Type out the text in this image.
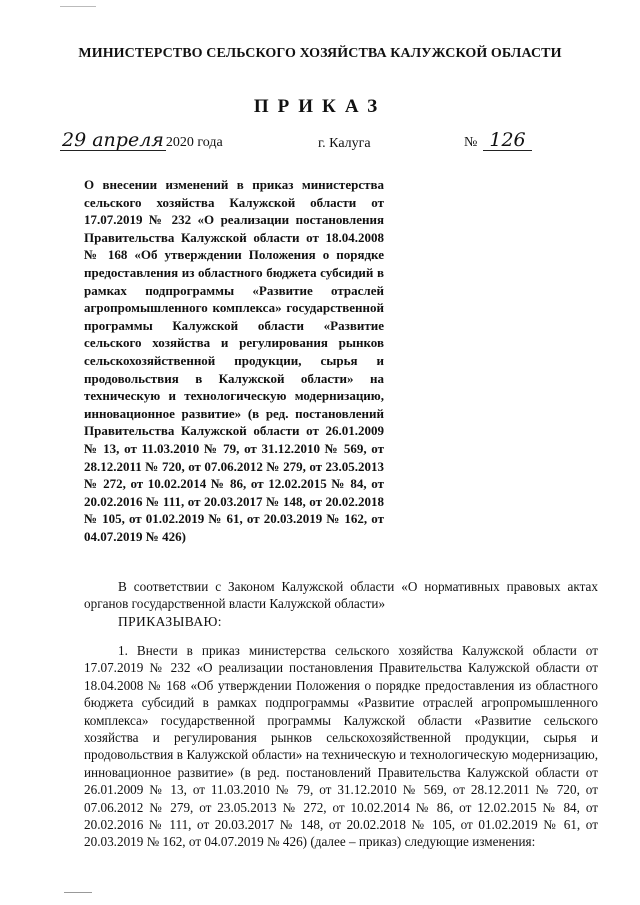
МИНИСТЕРСТВО СЕЛЬСКОГО ХОЗЯЙСТВА КАЛУЖСКОЙ ОБЛАСТИ
ПРИКАЗ
29 апреля 2020 года	г. Калуга	№ 126
О внесении изменений в приказ министерства сельского хозяйства Калужской области от 17.07.2019 № 232 «О реализации постановления Правительства Калужской области от 18.04.2008 № 168 «Об утверждении Положения о порядке предоставления из областного бюджета субсидий в рамках подпрограммы «Развитие отраслей агропромышленного комплекса» государственной программы Калужской области «Развитие сельского хозяйства и регулирования рынков сельскохозяйственной продукции, сырья и продовольствия в Калужской области» на техническую и технологическую модернизацию, инновационное развитие» (в ред. постановлений Правительства Калужской области от 26.01.2009 № 13, от 11.03.2010 № 79, от 31.12.2010 № 569, от 28.12.2011 № 720, от 07.06.2012 № 279, от 23.05.2013 № 272, от 10.02.2014 № 86, от 12.02.2015 № 84, от 20.02.2016 № 111, от 20.03.2017 № 148, от 20.02.2018 № 105, от 01.02.2019 № 61, от 20.03.2019 № 162, от 04.07.2019 № 426)
В соответствии с Законом Калужской области «О нормативных правовых актах органов государственной власти Калужской области»
ПРИКАЗЫВАЮ:
1. Внести в приказ министерства сельского хозяйства Калужской области от 17.07.2019 № 232 «О реализации постановления Правительства Калужской области от 18.04.2008 № 168 «Об утверждении Положения о порядке предоставления из областного бюджета субсидий в рамках подпрограммы «Развитие отраслей агропромышленного комплекса» государственной программы Калужской области «Развитие сельского хозяйства и регулирования рынков сельскохозяйственной продукции, сырья и продовольствия в Калужской области» на техническую и технологическую модернизацию, инновационное развитие» (в ред. постановлений Правительства Калужской области от 26.01.2009 № 13, от 11.03.2010 № 79, от 31.12.2010 № 569, от 28.12.2011 № 720, от 07.06.2012 № 279, от 23.05.2013 № 272, от 10.02.2014 № 86, от 12.02.2015 № 84, от 20.02.2016 № 111, от 20.03.2017 № 148, от 20.02.2018 № 105, от 01.02.2019 № 61, от 20.03.2019 № 162, от 04.07.2019 № 426) (далее – приказ) следующие изменения:
